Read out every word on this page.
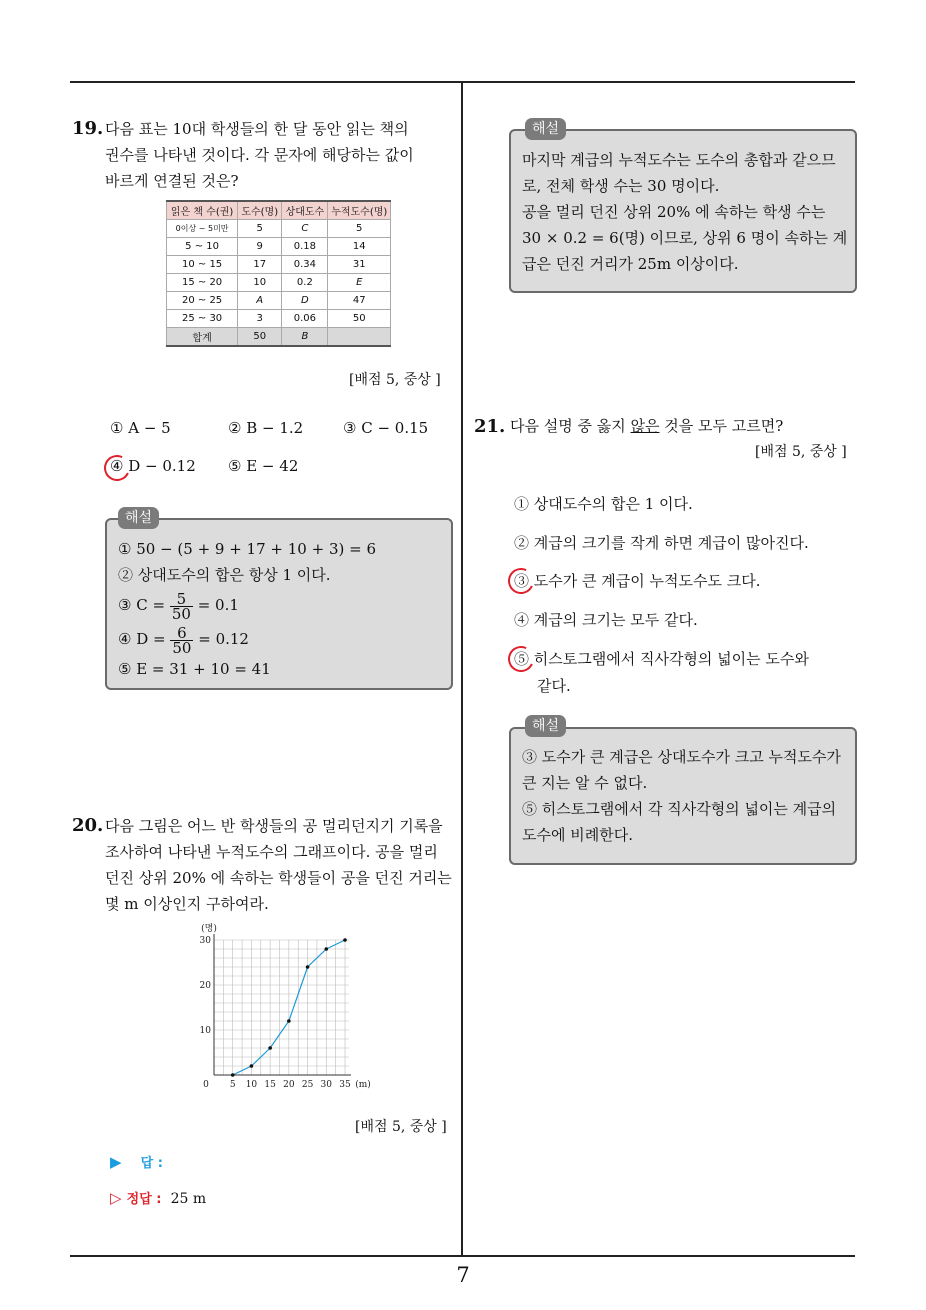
7
19. 다음 표는 10대 학생들의 한 달 동안 읽는 책의
권수를 나타낸 것이다. 각 문자에 해당하는 값이
바르게 연결된 것은?
읽은 책 수(권)	도수(명)	상대도수	누적도수(명)
0이상 ~ 5미만	5	C	5
5 ~ 10	9	0.18	14
10 ~ 15	17	0.34	31
15 ~ 20	10	0.2	E
20 ~ 25	A	D	47
25 ~ 30	3	0.06	50
합계	50	B	
[배점 5, 중상 ]
① A − 5	② B − 1.2	③ C − 0.15
④ D − 0.12 ⑤ E − 42
해설
① 50 − (5 + 9 + 17 + 10 + 3) = 6
② 상대도수의 합은 항상 1 이다.
③ $C = \frac{5}{50} = 0.1$
④ $D = \frac{6}{50} = 0.12$
⑤ E = 31 + 10 = 41
20. 다음 그림은 어느 반 학생들의 공 멀리던지기 기록을
조사하여 나타낸 누적도수의 그래프이다. 공을 멀리
던진 상위 20% 에 속하는 학생들이 공을 던진 거리는
몇 m 이상인지 구하여라.
0 5 10 15 20 25 30 35
10
20
30
(명)
(m)
[배점 5, 중상 ]
▶ 답 :
▷ 정답 : 25 m
해설
마지막 계급의 누적도수는 도수의 총합과 같으므
로, 전체 학생 수는 30 명이다.
공을 멀리 던진 상위 20% 에 속하는 학생 수는
30 × 0.2 = 6(명) 이므로, 상위 6 명이 속하는 계
급은 던진 거리가 25m 이상이다.
21. 다음 설명 중 옳지 않은 것을 모두 고르면?
[배점 5, 중상 ]
① 상대도수의 합은 1 이다.
② 계급의 크기를 작게 하면 계급이 많아진다.
③ 도수가 큰 계급이 누적도수도 크다.
④ 계급의 크기는 모두 같다.
⑤ 히스토그램에서 직사각형의 넓이는 도수와
같다.
해설
③ 도수가 큰 계급은 상대도수가 크고 누적도수가
큰 지는 알 수 없다.
⑤ 히스토그램에서 각 직사각형의 넓이는 계급의
도수에 비례한다.
